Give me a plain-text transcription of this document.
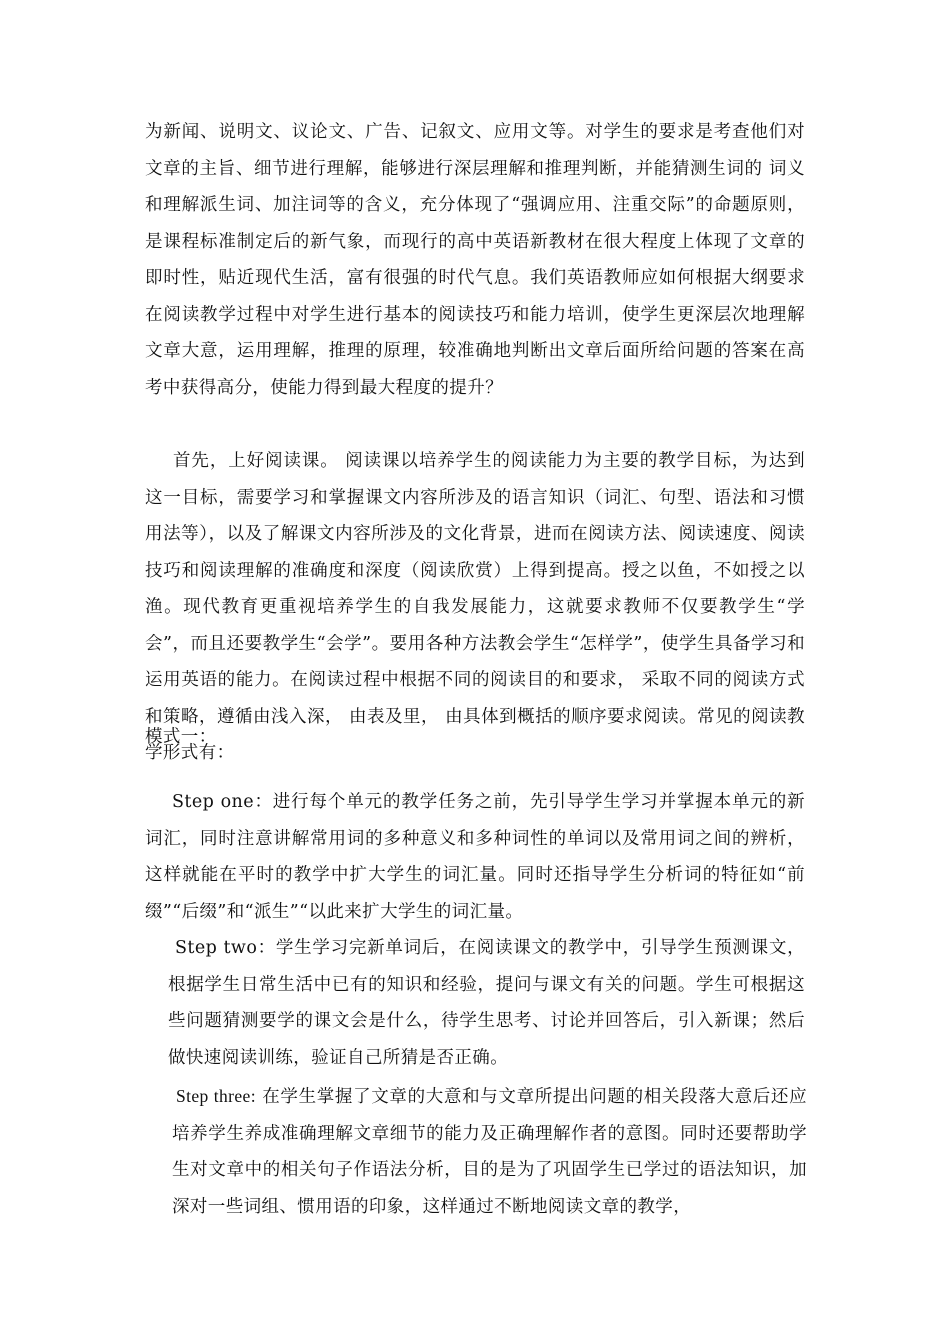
为新闻、说明文、议论文、广告、记叙文、应用文等。对学生的要求是考查他们对文章的主旨、细节进行理解，能够进行深层理解和推理判断，并能猜测生词的 词义和理解派生词、加注词等的含义，充分体现了“强调应用、注重交际”的命题原则，是课程标准制定后的新气象，而现行的高中英语新教材在很大程度上体现了文章的即时性，贴近现代生活，富有很强的时代气息。我们英语教师应如何根据大纲要求在阅读教学过程中对学生进行基本的阅读技巧和能力培训，使学生更深层次地理解文章大意，运用理解，推理的原理，较准确地判断出文章后面所给问题的答案在高考中获得高分，使能力得到最大程度的提升？

首先，上好阅读课。 阅读课以培养学生的阅读能力为主要的教学目标，为达到这一目标，需要学习和掌握课文内容所涉及的语言知识（词汇、句型、语法和习惯用法等），以及了解课文内容所涉及的文化背景，进而在阅读方法、阅读速度、阅读技巧和阅读理解的准确度和深度（阅读欣赏）上得到提高。授之以鱼，不如授之以渔。现代教育更重视培养学生的自我发展能力，这就要求教师不仅要教学生“学会”，而且还要教学生“会学”。要用各种方法教会学生“怎样学”，使学生具备学习和运用英语的能力。在阅读过程中根据不同的阅读目的和要求， 采取不同的阅读方式和策略，遵循由浅入深， 由表及里， 由具体到概括的顺序要求阅读。常见的阅读教学形式有：

模式一：

Step one：进行每个单元的教学任务之前，先引导学生学习并掌握本单元的新词汇，同时注意讲解常用词的多种意义和多种词性的单词以及常用词之间的辨析，这样就能在平时的教学中扩大学生的词汇量。同时还指导学生分析词的特征如“前缀”“后缀”和“派生”“以此来扩大学生的词汇量。

Step two：学生学习完新单词后，在阅读课文的教学中，引导学生预测课文，根据学生日常生活中已有的知识和经验，提问与课文有关的问题。学生可根据这些问题猜测要学的课文会是什么，待学生思考、讨论并回答后，引入新课；然后做快速阅读训练，验证自己所猜是否正确。

Step three: 在学生掌握了文章的大意和与文章所提出问题的相关段落大意后还应培养学生养成准确理解文章细节的能力及正确理解作者的意图。同时还要帮助学生对文章中的相关句子作语法分析，目的是为了巩固学生已学过的语法知识，加深对一些词组、惯用语的印象，这样通过不断地阅读文章的教学，
